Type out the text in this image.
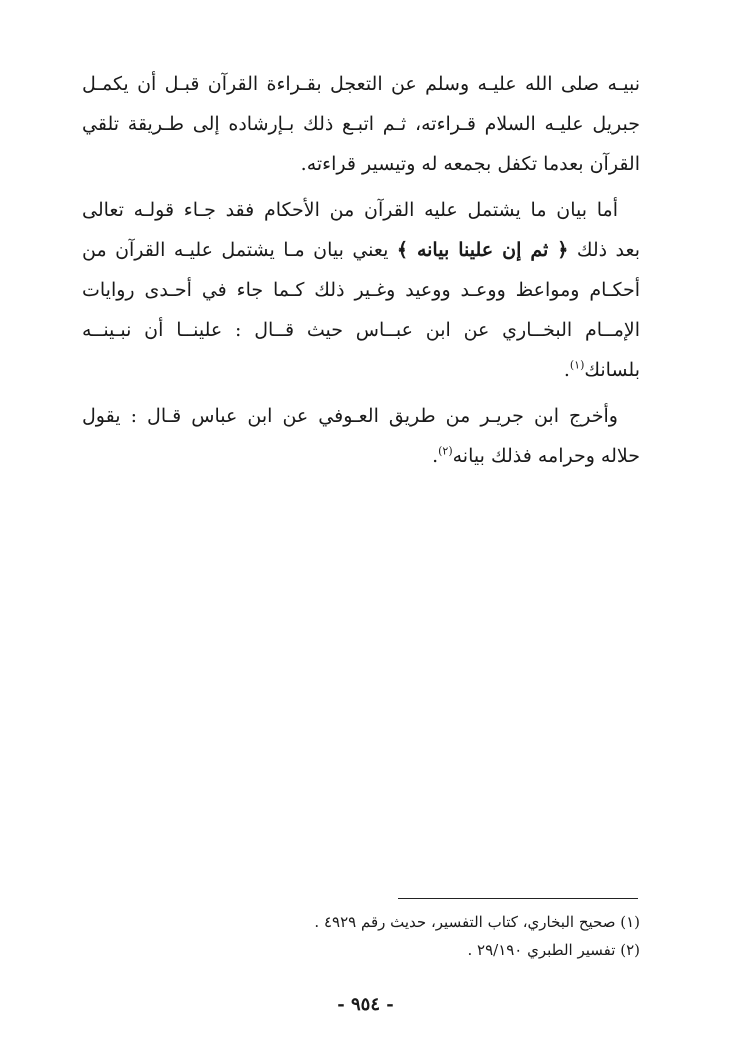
نبيـه صلى الله عليـه وسلم عن التعجل بقـراءة القرآن قبـل أن يكمـل
جبريل عليـه السلام قـراءته، ثـم اتبـع ذلك بـإرشاده إلى طـريقة تلقي
القرآن بعدما تكفل بجمعه له وتيسير قراءته.
أما بيان ما يشتمل عليه القرآن من الأحكام فقد جـاء قولـه تعالى
بعد ذلك ﴿ ثم إن علينا بيانه ﴾ يعني بيان مـا يشتمل عليـه القرآن من
أحكـام ومواعظ ووعـد ووعيد وغـير ذلك كـما جاء في أحـدى روايات
الإمــام البخــاري عن ابن عبــاس حيث قــال : علينــا أن نبـينــه
بلسانك$^{(١)}$.
وأخرج ابن جريـر من طريق العـوفي عن ابن عباس قـال : يقول
حلاله وحرامه فذلك بيانه$^{(٢)}$.
(١) صحيح البخاري، كتاب التفسير، حديث رقم ٤٩٢٩ .
(٢) تفسير الطبري ٢٩/١٩٠ .
- ٩٥٤ -
